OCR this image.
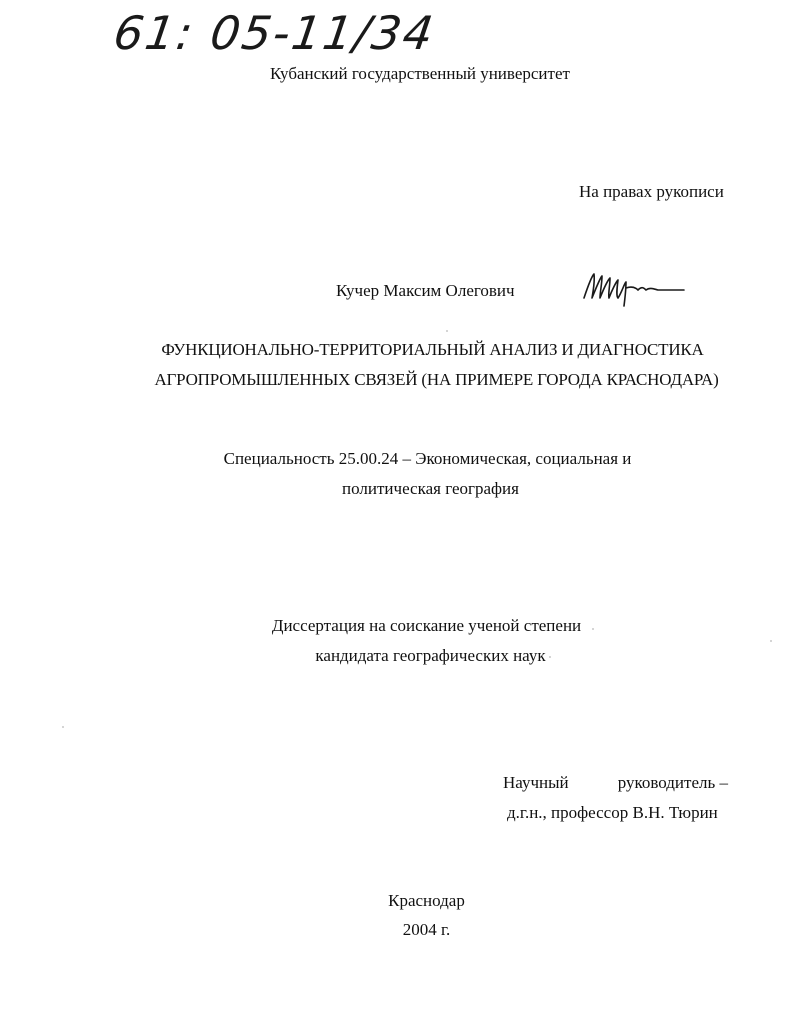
61: 05-11/34
Кубанский государственный университет
На правах рукописи
Кучер Максим Олегович
ФУНКЦИОНАЛЬНО-ТЕРРИТОРИАЛЬНЫЙ АНАЛИЗ И ДИАГНОСТИКА
АГРОПРОМЫШЛЕННЫХ СВЯЗЕЙ (НА ПРИМЕРЕ ГОРОДА КРАСНОДАРА)
Специальность 25.00.24 – Экономическая, социальная и
политическая география
Диссертация на соискание ученой степени
кандидата географических наук
Научный	руководитель –
д.г.н., профессор В.Н. Тюрин
Краснодар
2004 г.
